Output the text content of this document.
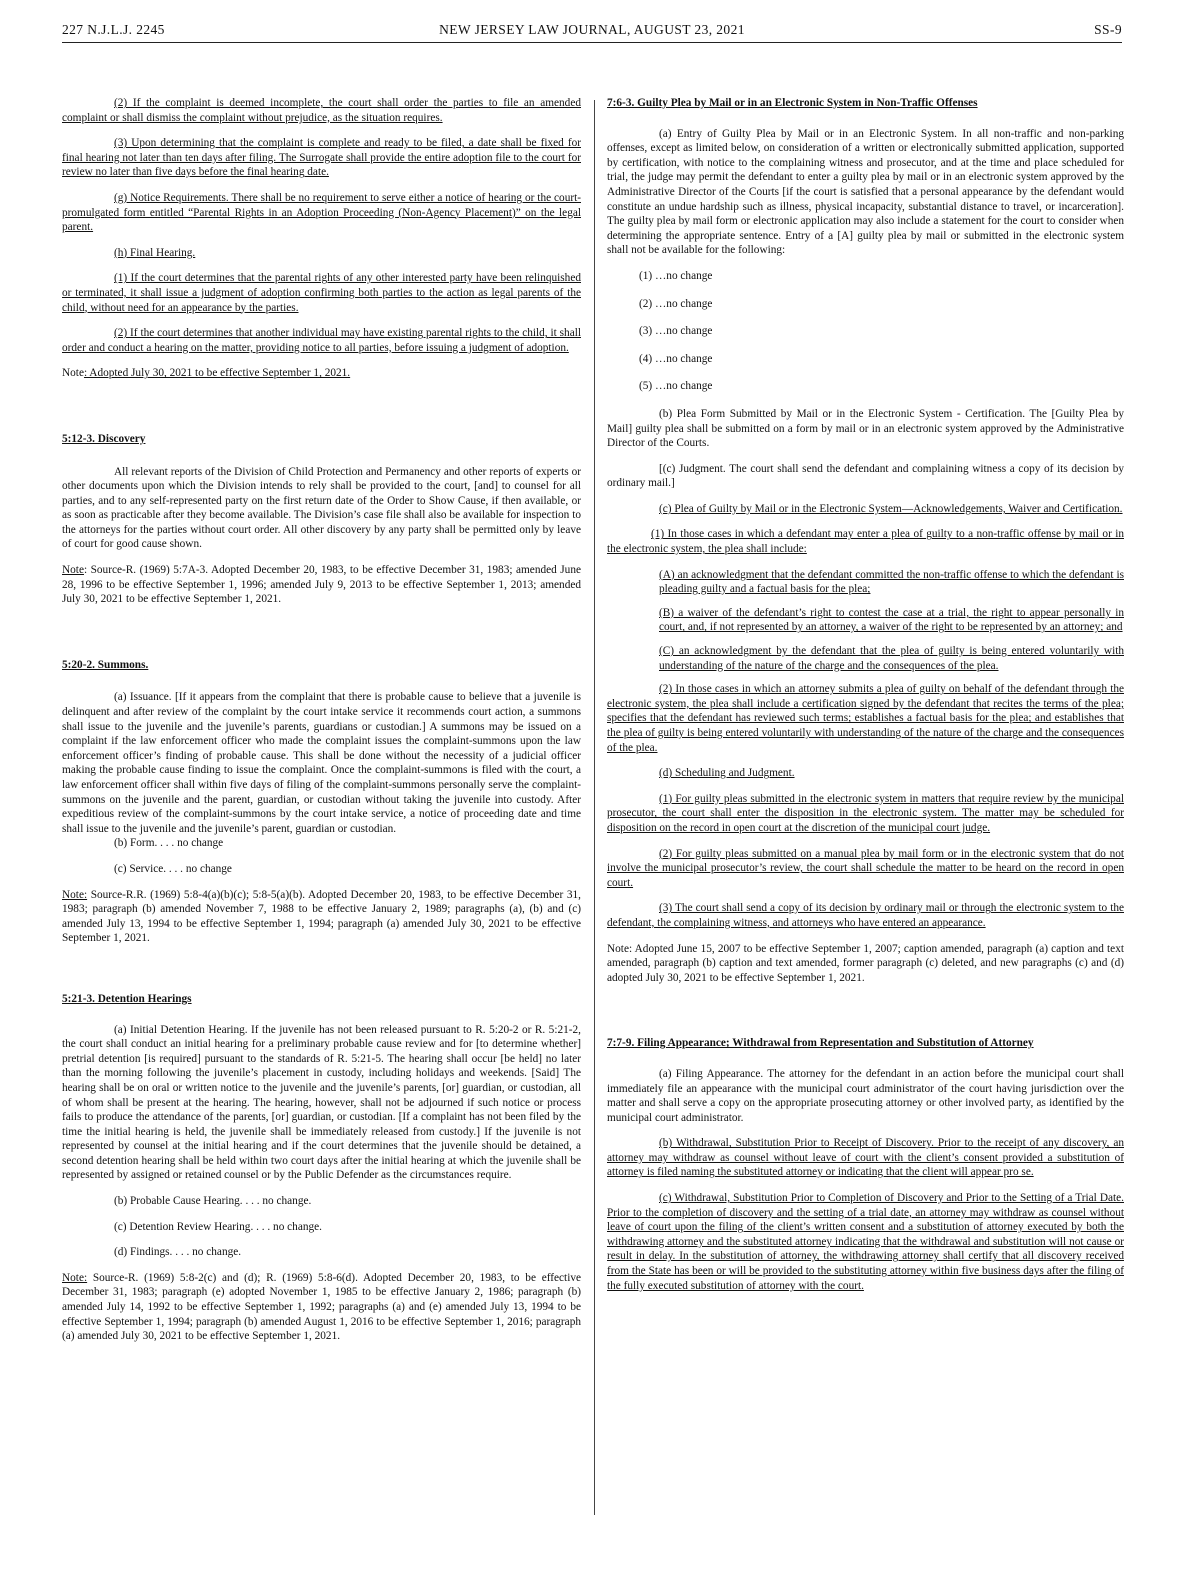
227 N.J.L.J. 2245	NEW JERSEY LAW JOURNAL, AUGUST 23, 2021	SS-9

(2) If the complaint is deemed incomplete, the court shall order the parties to file an amended complaint or shall dismiss the complaint without prejudice, as the situation requires.

(3) Upon determining that the complaint is complete and ready to be filed, a date shall be fixed for final hearing not later than ten days after filing. The Surrogate shall provide the entire adoption file to the court for review no later than five days before the final hearing date.

(g) Notice Requirements. There shall be no requirement to serve either a notice of hearing or the court-promulgated form entitled “Parental Rights in an Adoption Proceeding (Non-Agency Placement)” on the legal parent.

(h) Final Hearing.

(1) If the court determines that the parental rights of any other interested party have been relinquished or terminated, it shall issue a judgment of adoption confirming both parties to the action as legal parents of the child, without need for an appearance by the parties.

(2) If the court determines that another individual may have existing parental rights to the child, it shall order and conduct a hearing on the matter, providing notice to all parties, before issuing a judgment of adoption.

Note: Adopted July 30, 2021 to be effective September 1, 2021.

5:12-3. Discovery

All relevant reports of the Division of Child Protection and Permanency and other reports of experts or other documents upon which the Division intends to rely shall be provided to the court, [and] to counsel for all parties, and to any self-represented party on the first return date of the Order to Show Cause, if then available, or as soon as practicable after they become available. The Division’s case file shall also be available for inspection to the attorneys for the parties without court order. All other discovery by any party shall be permitted only by leave of court for good cause shown.

Note: Source-R. (1969) 5:7A-3. Adopted December 20, 1983, to be effective December 31, 1983; amended June 28, 1996 to be effective September 1, 1996; amended July 9, 2013 to be effective September 1, 2013; amended July 30, 2021 to be effective September 1, 2021.

5:20-2. Summons.

(a) Issuance. [If it appears from the complaint that there is probable cause to believe that a juvenile is delinquent and after review of the complaint by the court intake service it recommends court action, a summons shall issue to the juvenile and the juvenile’s parents, guardians or custodian.] A summons may be issued on a complaint if the law enforcement officer who made the complaint issues the complaint-summons upon the law enforcement officer’s finding of probable cause. This shall be done without the necessity of a judicial officer making the probable cause finding to issue the complaint. Once the complaint-summons is filed with the court, a law enforcement officer shall within five days of filing of the complaint-summons personally serve the complaint-summons on the juvenile and the parent, guardian, or custodian without taking the juvenile into custody. After expeditious review of the complaint-summons by the court intake service, a notice of proceeding date and time shall issue to the juvenile and the juvenile’s parent, guardian or custodian.

(b) Form. . . . no change

(c) Service. . . . no change

Note: Source-R.R. (1969) 5:8-4(a)(b)(c); 5:8-5(a)(b). Adopted December 20, 1983, to be effective December 31, 1983; paragraph (b) amended November 7, 1988 to be effective January 2, 1989; paragraphs (a), (b) and (c) amended July 13, 1994 to be effective September 1, 1994; paragraph (a) amended July 30, 2021 to be effective September 1, 2021.

5:21-3. Detention Hearings

(a) Initial Detention Hearing. If the juvenile has not been released pursuant to R. 5:20-2 or R. 5:21-2, the court shall conduct an initial hearing for a preliminary probable cause review and for [to determine whether] pretrial detention [is required] pursuant to the standards of R. 5:21-5. The hearing shall occur [be held] no later than the morning following the juvenile’s placement in custody, including holidays and weekends. [Said] The hearing shall be on oral or written notice to the juvenile and the juvenile’s parents, [or] guardian, or custodian, all of whom shall be present at the hearing. The hearing, however, shall not be adjourned if such notice or process fails to produce the attendance of the parents, [or] guardian, or custodian. [If a complaint has not been filed by the time the initial hearing is held, the juvenile shall be immediately released from custody.] If the juvenile is not represented by counsel at the initial hearing and if the court determines that the juvenile should be detained, a second detention hearing shall be held within two court days after the initial hearing at which the juvenile shall be represented by assigned or retained counsel or by the Public Defender as the circumstances require.

(b) Probable Cause Hearing. . . . no change.

(c) Detention Review Hearing. . . . no change.

(d) Findings. . . . no change.

Note: Source-R. (1969) 5:8-2(c) and (d); R. (1969) 5:8-6(d). Adopted December 20, 1983, to be effective December 31, 1983; paragraph (e) adopted November 1, 1985 to be effective January 2, 1986; paragraph (b) amended July 14, 1992 to be effective September 1, 1992; paragraphs (a) and (e) amended July 13, 1994 to be effective September 1, 1994; paragraph (b) amended August 1, 2016 to be effective September 1, 2016; paragraph (a) amended July 30, 2021 to be effective September 1, 2021.

7:6-3. Guilty Plea by Mail or in an Electronic System in Non-Traffic Offenses

(a) Entry of Guilty Plea by Mail or in an Electronic System. In all non-traffic and non-parking offenses, except as limited below, on consideration of a written or electronically submitted application, supported by certification, with notice to the complaining witness and prosecutor, and at the time and place scheduled for trial, the judge may permit the defendant to enter a guilty plea by mail or in an electronic system approved by the Administrative Director of the Courts [if the court is satisfied that a personal appearance by the defendant would constitute an undue hardship such as illness, physical incapacity, substantial distance to travel, or incarceration]. The guilty plea by mail form or electronic application may also include a statement for the court to consider when determining the appropriate sentence. Entry of a [A] guilty plea by mail or submitted in the electronic system shall not be available for the following:

(1) …no change

(2) …no change

(3) …no change

(4) …no change

(5) …no change

(b) Plea Form Submitted by Mail or in the Electronic System - Certification. The [Guilty Plea by Mail] guilty plea shall be submitted on a form by mail or in an electronic system approved by the Administrative Director of the Courts.

[(c) Judgment. The court shall send the defendant and complaining witness a copy of its decision by ordinary mail.]

(c) Plea of Guilty by Mail or in the Electronic System—Acknowledgements, Waiver and Certification.

(1) In those cases in which a defendant may enter a plea of guilty to a non-traffic offense by mail or in the electronic system, the plea shall include:

(A) an acknowledgment that the defendant committed the non-traffic offense to which the defendant is pleading guilty and a factual basis for the plea;

(B) a waiver of the defendant’s right to contest the case at a trial, the right to appear personally in court, and, if not represented by an attorney, a waiver of the right to be represented by an attorney; and

(C) an acknowledgment by the defendant that the plea of guilty is being entered voluntarily with understanding of the nature of the charge and the consequences of the plea.

(2) In those cases in which an attorney submits a plea of guilty on behalf of the defendant through the electronic system, the plea shall include a certification signed by the defendant that recites the terms of the plea; specifies that the defendant has reviewed such terms; establishes a factual basis for the plea; and establishes that the plea of guilty is being entered voluntarily with understanding of the nature of the charge and the consequences of the plea.

(d) Scheduling and Judgment.

(1) For guilty pleas submitted in the electronic system in matters that require review by the municipal prosecutor, the court shall enter the disposition in the electronic system. The matter may be scheduled for disposition on the record in open court at the discretion of the municipal court judge.

(2) For guilty pleas submitted on a manual plea by mail form or in the electronic system that do not involve the municipal prosecutor’s review, the court shall schedule the matter to be heard on the record in open court.

(3) The court shall send a copy of its decision by ordinary mail or through the electronic system to the defendant, the complaining witness, and attorneys who have entered an appearance.

Note: Adopted June 15, 2007 to be effective September 1, 2007; caption amended, paragraph (a) caption and text amended, paragraph (b) caption and text amended, former paragraph (c) deleted, and new paragraphs (c) and (d) adopted July 30, 2021 to be effective September 1, 2021.

7:7-9. Filing Appearance; Withdrawal from Representation and Substitution of Attorney

(a) Filing Appearance. The attorney for the defendant in an action before the municipal court shall immediately file an appearance with the municipal court administrator of the court having jurisdiction over the matter and shall serve a copy on the appropriate prosecuting attorney or other involved party, as identified by the municipal court administrator.

(b) Withdrawal, Substitution Prior to Receipt of Discovery. Prior to the receipt of any discovery, an attorney may withdraw as counsel without leave of court with the client’s consent provided a substitution of attorney is filed naming the substituted attorney or indicating that the client will appear pro se.

(c) Withdrawal, Substitution Prior to Completion of Discovery and Prior to the Setting of a Trial Date. Prior to the completion of discovery and the setting of a trial date, an attorney may withdraw as counsel without leave of court upon the filing of the client’s written consent and a substitution of attorney executed by both the withdrawing attorney and the substituted attorney indicating that the withdrawal and substitution will not cause or result in delay. In the substitution of attorney, the withdrawing attorney shall certify that all discovery received from the State has been or will be provided to the substituting attorney within five business days after the filing of the fully executed substitution of attorney with the court.
